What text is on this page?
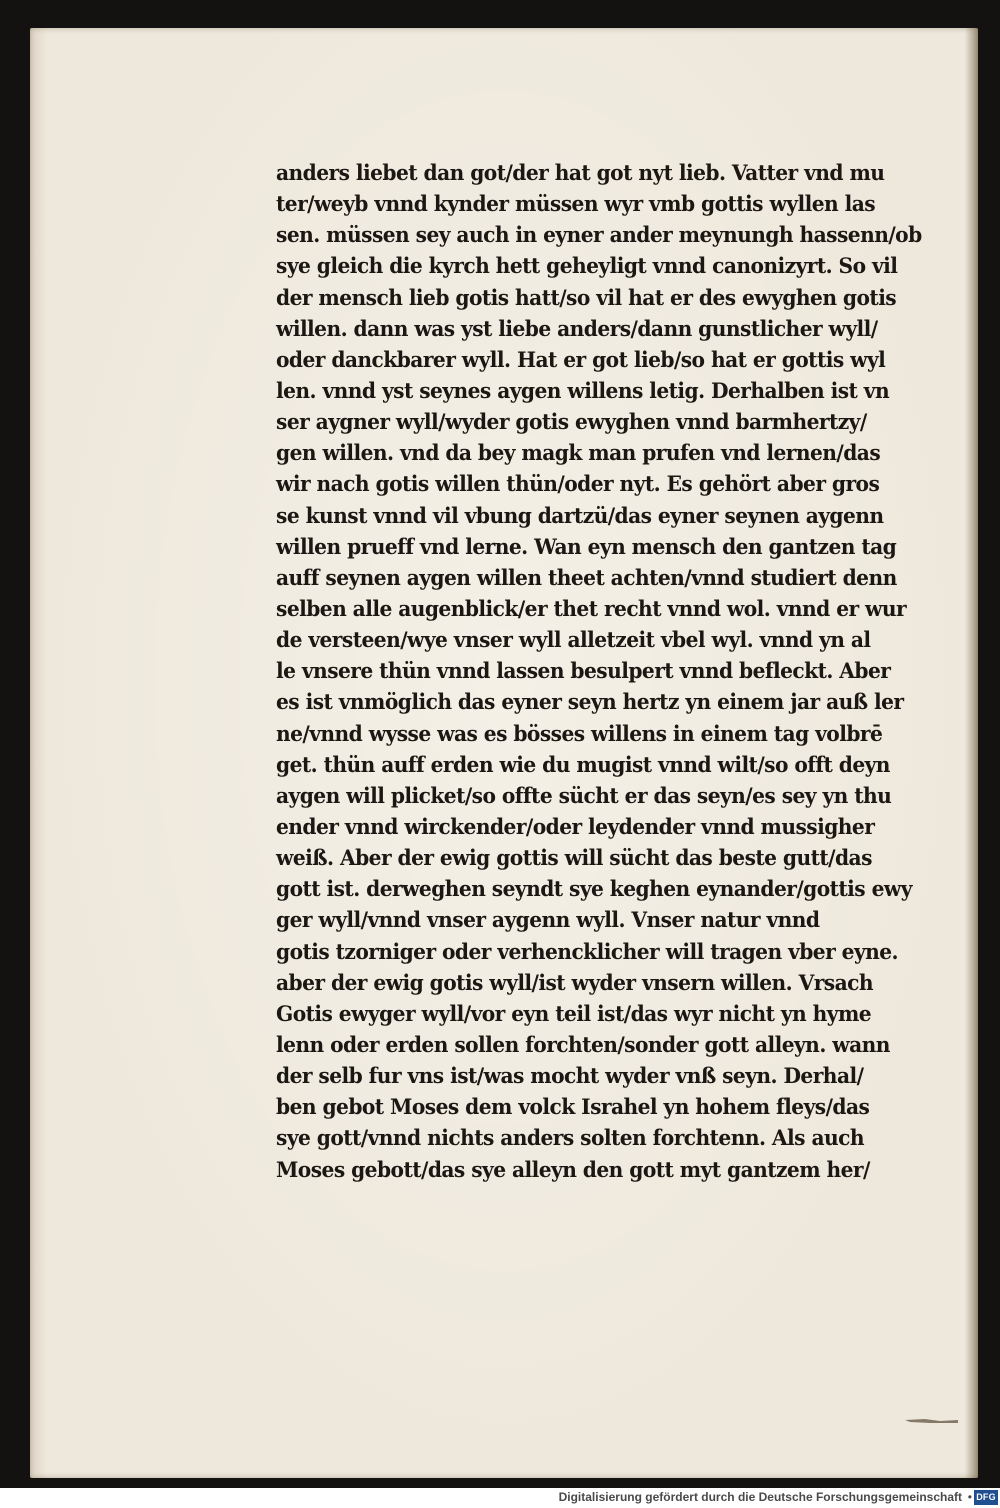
anders liebet dan got/der hat got nyt lieb. Vatter vnd mu
ter/weyb vnnd kynder müssen wyr vmb gottis wyllen las
sen. müssen sey auch in eyner ander meynungh hassenn/ob
sye gleich die kyrch hett geheyligt vnnd canonizyrt. So vil
der mensch lieb gotis hatt/so vil hat er des ewyghen gotis
willen. dann was yst liebe anders/dann gunstlicher wyll/
oder danckbarer wyll. Hat er got lieb/so hat er gottis wyl
len. vnnd yst seynes aygen willens letig. Derhalben ist vn
ser aygner wyll/wyder gotis ewyghen vnnd barmhertzy/
gen willen. vnd da bey magk man prufen vnd lernen/das
wir nach gotis willen thün/oder nyt. Es gehört aber gros
se kunst vnnd vil vbung dartzü/das eyner seynen aygenn
willen prueff vnd lerne. Wan eyn mensch den gantzen tag
auff seynen aygen willen theet achten/vnnd studiert denn
selben alle augenblick/er thet recht vnnd wol. vnnd er wur
de versteen/wye vnser wyll alletzeit vbel wyl. vnnd yn al
le vnsere thün vnnd lassen besulpert vnnd befleckt. Aber
es ist vnmöglich das eyner seyn hertz yn einem jar auß ler
ne/vnnd wysse was es bösses willens in einem tag volbrē
get. thün auff erden wie du mugist vnnd wilt/so offt deyn
aygen will plicket/so offte sücht er das seyn/es sey yn thu
ender vnnd wirckender/oder leydender vnnd mussigher
weiß. Aber der ewig gottis will sücht das beste gutt/das
gott ist. derweghen seyndt sye keghen eynander/gottis ewy
ger wyll/vnnd vnser aygenn wyll. Vnser natur vnnd
gotis tzorniger oder verhencklicher will tragen vber eyne.
aber der ewig gotis wyll/ist wyder vnsern willen. Vrsach
Gotis ewyger wyll/vor eyn teil ist/das wyr nicht yn hyme
lenn oder erden sollen forchten/sonder gott alleyn. wann
der selb fur vns ist/was mocht wyder vnß seyn. Derhal/
ben gebot Moses dem volck Israhel yn hohem fleys/das
sye gott/vnnd nichts anders solten forchtenn. Als auch
Moses gebott/das sye alleyn den gott myt gantzem her/
Digitalisierung gefördert durch die Deutsche Forschungsgemeinschaft • DFG
